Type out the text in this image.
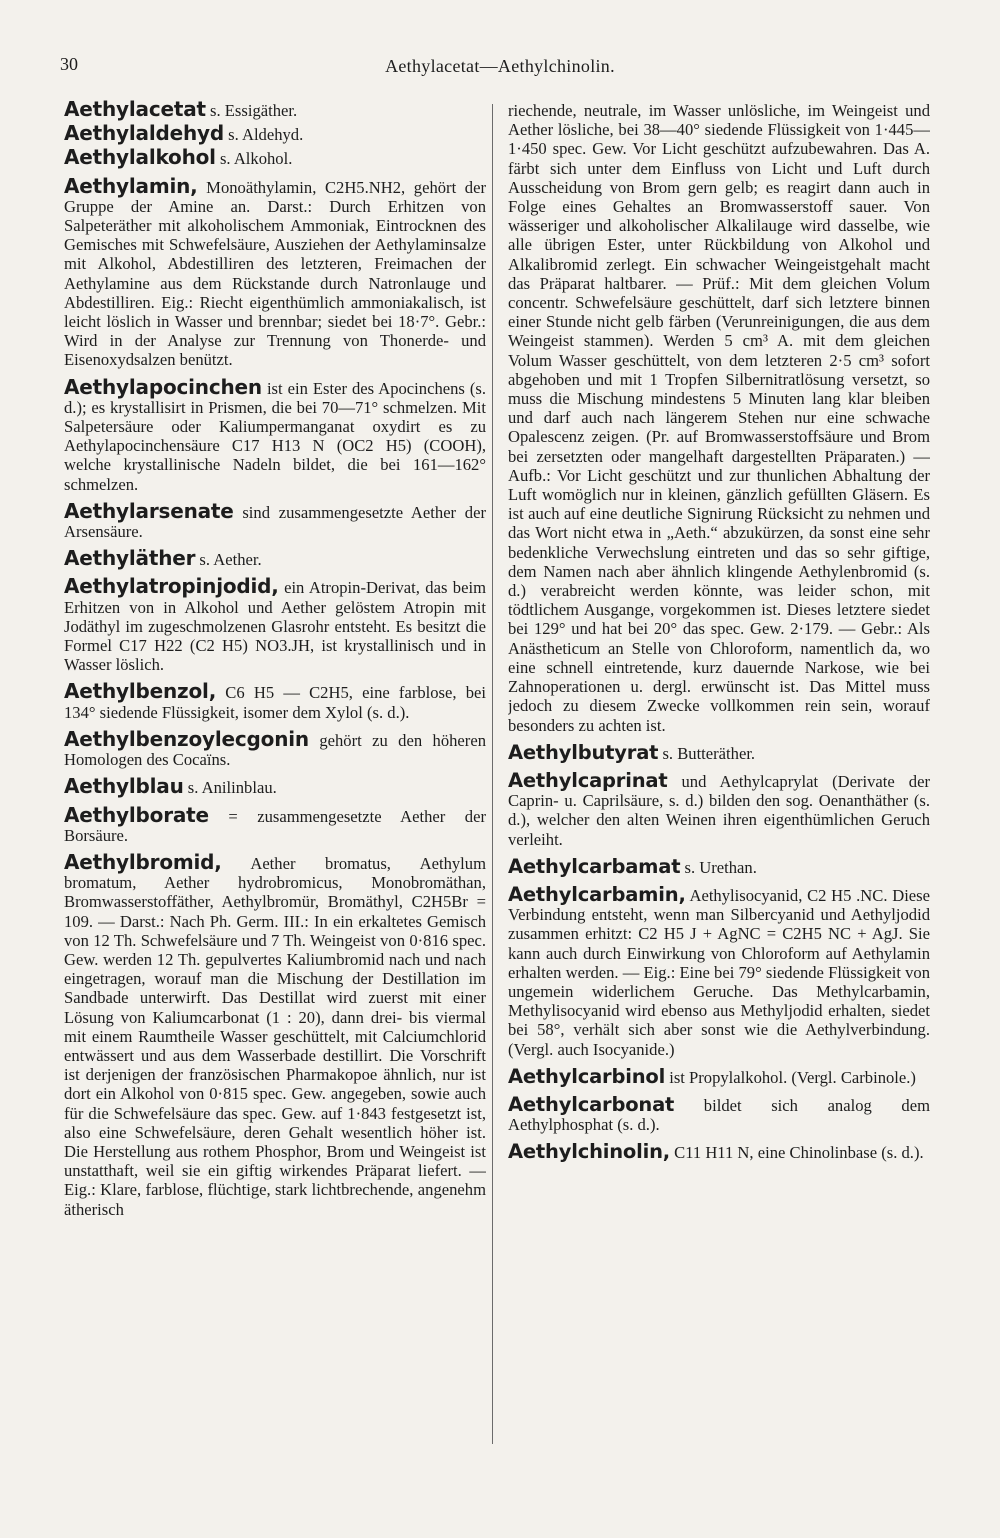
30	Aethylacetat—Aethylchinolin.

Aethylacetat s. Essigäther.

Aethylaldehyd s. Aldehyd.

Aethylalkohol s. Alkohol.

Aethylamin, Monoäthylamin, C2H5.NH2, gehört der Gruppe der Amine an. Darst.: Durch Erhitzen von Salpeteräther mit alkoholischem Ammoniak, Eintrocknen des Gemisches mit Schwefelsäure, Ausziehen der Aethylaminsalze mit Alkohol, Abdestilliren des letzteren, Freimachen der Aethylamine aus dem Rückstande durch Natronlauge und Abdestilliren. Eig.: Riecht eigenthümlich ammoniakalisch, ist leicht löslich in Wasser und brennbar; siedet bei 18·7°. Gebr.: Wird in der Analyse zur Trennung von Thonerde- und Eisenoxydsalzen benützt.

Aethylapocinchen ist ein Ester des Apocinchens (s. d.); es krystallisirt in Prismen, die bei 70—71° schmelzen. Mit Salpetersäure oder Kaliumpermanganat oxydirt es zu Aethylapocinchensäure C17 H13 N (OC2 H5) (COOH), welche krystallinische Nadeln bildet, die bei 161—162° schmelzen.

Aethylarsenate sind zusammengesetzte Aether der Arsensäure.

Aethyläther s. Aether.

Aethylatropinjodid, ein Atropin-Derivat, das beim Erhitzen von in Alkohol und Aether gelöstem Atropin mit Jodäthyl im zugeschmolzenen Glasrohr entsteht. Es besitzt die Formel C17 H22 (C2 H5) NO3.JH, ist krystallinisch und in Wasser löslich.

Aethylbenzol, C6 H5 — C2H5, eine farblose, bei 134° siedende Flüssigkeit, isomer dem Xylol (s. d.).

Aethylbenzoylecgonin gehört zu den höheren Homologen des Cocaïns.

Aethylblau s. Anilinblau.

Aethylborate = zusammengesetzte Aether der Borsäure.

Aethylbromid, Aether bromatus, Aethylum bromatum, Aether hydrobromicus, Monobromäthan, Bromwasserstoffäther, Aethylbromür, Bromäthyl, C2H5Br = 109. — Darst.: Nach Ph. Germ. III.: In ein erkaltetes Gemisch von 12 Th. Schwefelsäure und 7 Th. Weingeist von 0·816 spec. Gew. werden 12 Th. gepulvertes Kaliumbromid nach und nach eingetragen, worauf man die Mischung der Destillation im Sandbade unterwirft. Das Destillat wird zuerst mit einer Lösung von Kaliumcarbonat (1 : 20), dann drei- bis viermal mit einem Raumtheile Wasser geschüttelt, mit Calciumchlorid entwässert und aus dem Wasserbade destillirt. Die Vorschrift ist derjenigen der französischen Pharmakopoe ähnlich, nur ist dort ein Alkohol von 0·815 spec. Gew. angegeben, sowie auch für die Schwefelsäure das spec. Gew. auf 1·843 festgesetzt ist, also eine Schwefelsäure, deren Gehalt wesentlich höher ist. Die Herstellung aus rothem Phosphor, Brom und Weingeist ist unstatthaft, weil sie ein giftig wirkendes Präparat liefert. — Eig.: Klare, farblose, flüchtige, stark lichtbrechende, angenehm ätherisch

riechende, neutrale, im Wasser unlösliche, im Weingeist und Aether lösliche, bei 38—40° siedende Flüssigkeit von 1·445—1·450 spec. Gew. Vor Licht geschützt aufzubewahren. Das A. färbt sich unter dem Einfluss von Licht und Luft durch Ausscheidung von Brom gern gelb; es reagirt dann auch in Folge eines Gehaltes an Bromwasserstoff sauer. Von wässeriger und alkoholischer Alkalilauge wird dasselbe, wie alle übrigen Ester, unter Rückbildung von Alkohol und Alkalibromid zerlegt. Ein schwacher Weingeistgehalt macht das Präparat haltbarer. — Prüf.: Mit dem gleichen Volum concentr. Schwefelsäure geschüttelt, darf sich letztere binnen einer Stunde nicht gelb färben (Verunreinigungen, die aus dem Weingeist stammen). Werden 5 cm³ A. mit dem gleichen Volum Wasser geschüttelt, von dem letzteren 2·5 cm³ sofort abgehoben und mit 1 Tropfen Silbernitratlösung versetzt, so muss die Mischung mindestens 5 Minuten lang klar bleiben und darf auch nach längerem Stehen nur eine schwache Opalescenz zeigen. (Pr. auf Bromwasserstoffsäure und Brom bei zersetzten oder mangelhaft dargestellten Präparaten.) — Aufb.: Vor Licht geschützt und zur thunlichen Abhaltung der Luft womöglich nur in kleinen, gänzlich gefüllten Gläsern. Es ist auch auf eine deutliche Signirung Rücksicht zu nehmen und das Wort nicht etwa in „Aeth.“ abzukürzen, da sonst eine sehr bedenkliche Verwechslung eintreten und das so sehr giftige, dem Namen nach aber ähnlich klingende Aethylenbromid (s. d.) verabreicht werden könnte, was leider schon, mit tödtlichem Ausgange, vorgekommen ist. Dieses letztere siedet bei 129° und hat bei 20° das spec. Gew. 2·179. — Gebr.: Als Anästheticum an Stelle von Chloroform, namentlich da, wo eine schnell eintretende, kurz dauernde Narkose, wie bei Zahnoperationen u. dergl. erwünscht ist. Das Mittel muss jedoch zu diesem Zwecke vollkommen rein sein, worauf besonders zu achten ist.

Aethylbutyrat s. Butteräther.

Aethylcaprinat und Aethylcaprylat (Derivate der Caprin- u. Caprilsäure, s. d.) bilden den sog. Oenanthäther (s. d.), welcher den alten Weinen ihren eigenthümlichen Geruch verleiht.

Aethylcarbamat s. Urethan.

Aethylcarbamin, Aethylisocyanid, C2 H5 .NC. Diese Verbindung entsteht, wenn man Silbercyanid und Aethyljodid zusammen erhitzt: C2 H5 J + AgNC = C2H5 NC + AgJ. Sie kann auch durch Einwirkung von Chloroform auf Aethylamin erhalten werden. — Eig.: Eine bei 79° siedende Flüssigkeit von ungemein widerlichem Geruche. Das Methylcarbamin, Methylisocyanid wird ebenso aus Methyljodid erhalten, siedet bei 58°, verhält sich aber sonst wie die Aethylverbindung. (Vergl. auch Isocyanide.)

Aethylcarbinol ist Propylalkohol. (Vergl. Carbinole.)

Aethylcarbonat bildet sich analog dem Aethylphosphat (s. d.).

Aethylchinolin, C11 H11 N, eine Chinolinbase (s. d.).
